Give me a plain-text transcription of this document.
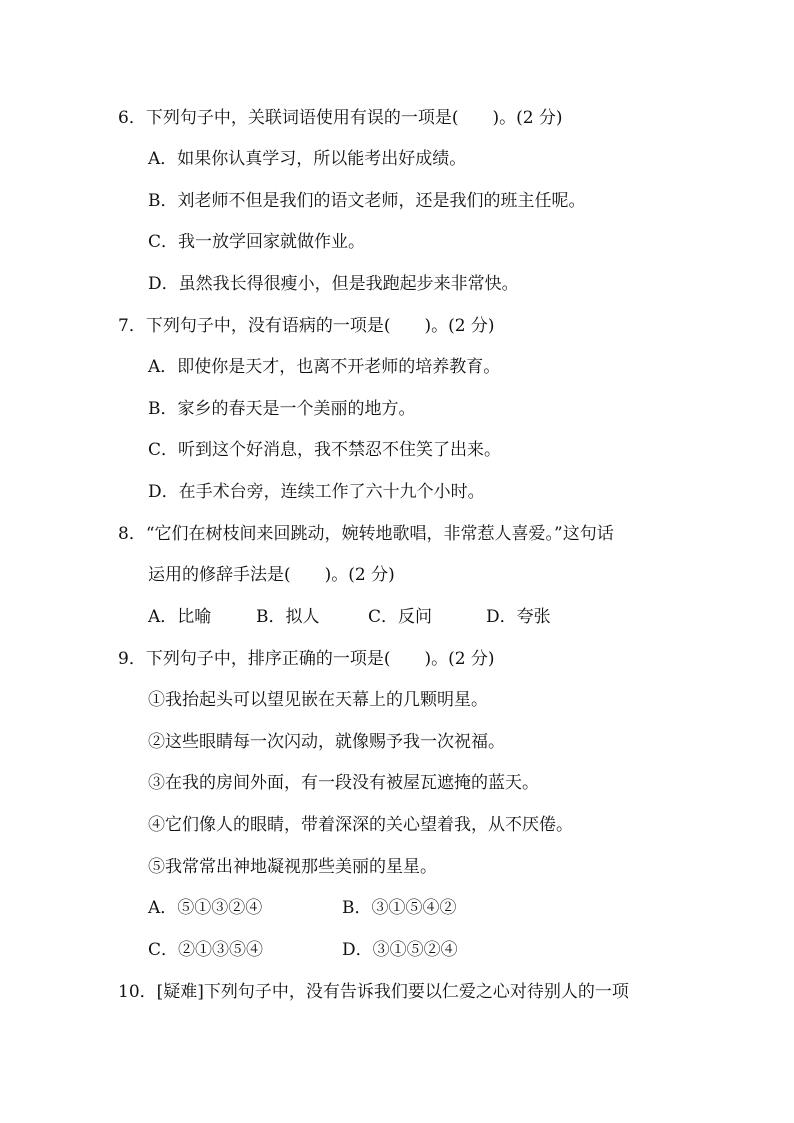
6．下列句子中，关联词语使用有误的一项是(　　)。(2 分)
A．如果你认真学习，所以能考出好成绩。
B．刘老师不但是我们的语文老师，还是我们的班主任呢。
C．我一放学回家就做作业。
D．虽然我长得很瘦小，但是我跑起步来非常快。
7．下列句子中，没有语病的一项是(　　)。(2 分)
A．即使你是天才，也离不开老师的培养教育。
B．家乡的春天是一个美丽的地方。
C．听到这个好消息，我不禁忍不住笑了出来。
D．在手术台旁，连续工作了六十九个小时。
8．“它们在树枝间来回跳动，婉转地歌唱，非常惹人喜爱。”这句话
运用的修辞手法是(　　)。(2 分)
A．比喻	B．拟人	C．反问	D．夸张
9．下列句子中，排序正确的一项是(　　)。(2 分)
①我抬起头可以望见嵌在天幕上的几颗明星。
②这些眼睛每一次闪动，就像赐予我一次祝福。
③在我的房间外面，有一段没有被屋瓦遮掩的蓝天。
④它们像人的眼睛，带着深深的关心望着我，从不厌倦。
⑤我常常出神地凝视那些美丽的星星。
A．⑤①③②④	B．③①⑤④②
C．②①③⑤④	D．③①⑤②④
10．[疑难]下列句子中，没有告诉我们要以仁爱之心对待别人的一项
